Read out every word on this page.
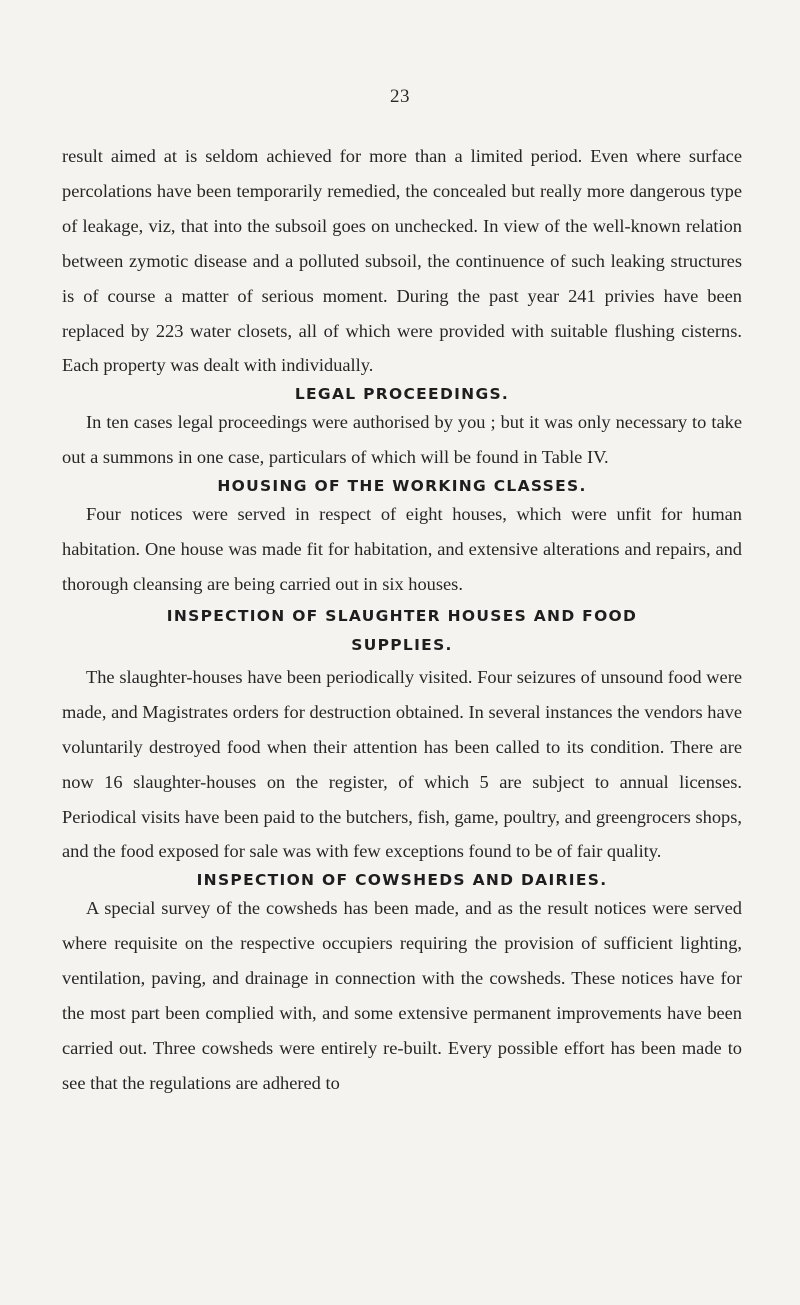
23

result aimed at is seldom achieved for more than a limited period. Even where surface percolations have been temporarily remedied, the concealed but really more dangerous type of leakage, viz, that into the subsoil goes on unchecked. In view of the well-known relation between zymotic disease and a polluted subsoil, the continuence of such leaking structures is of course a matter of serious moment. During the past year 241 privies have been replaced by 223 water closets, all of which were provided with suitable flushing cisterns. Each property was dealt with individually.

LEGAL PROCEEDINGS.

In ten cases legal proceedings were authorised by you ; but it was only necessary to take out a summons in one case, particulars of which will be found in Table IV.

HOUSING OF THE WORKING CLASSES.

Four notices were served in respect of eight houses, which were unfit for human habitation. One house was made fit for habitation, and extensive alterations and repairs, and thorough cleansing are being carried out in six houses.

INSPECTION OF SLAUGHTER HOUSES AND FOOD
SUPPLIES.

The slaughter-houses have been periodically visited. Four seizures of unsound food were made, and Magistrates orders for destruction obtained. In several instances the vendors have voluntarily destroyed food when their attention has been called to its condition. There are now 16 slaughter-houses on the register, of which 5 are subject to annual licenses. Periodical visits have been paid to the butchers, fish, game, poultry, and greengrocers shops, and the food exposed for sale was with few exceptions found to be of fair quality.

INSPECTION OF COWSHEDS AND DAIRIES.

A special survey of the cowsheds has been made, and as the result notices were served where requisite on the respective occupiers requiring the provision of sufficient lighting, ventilation, paving, and drainage in connection with the cowsheds. These notices have for the most part been complied with, and some extensive permanent improvements have been carried out. Three cowsheds were entirely re-built. Every possible effort has been made to see that the regulations are adhered to
